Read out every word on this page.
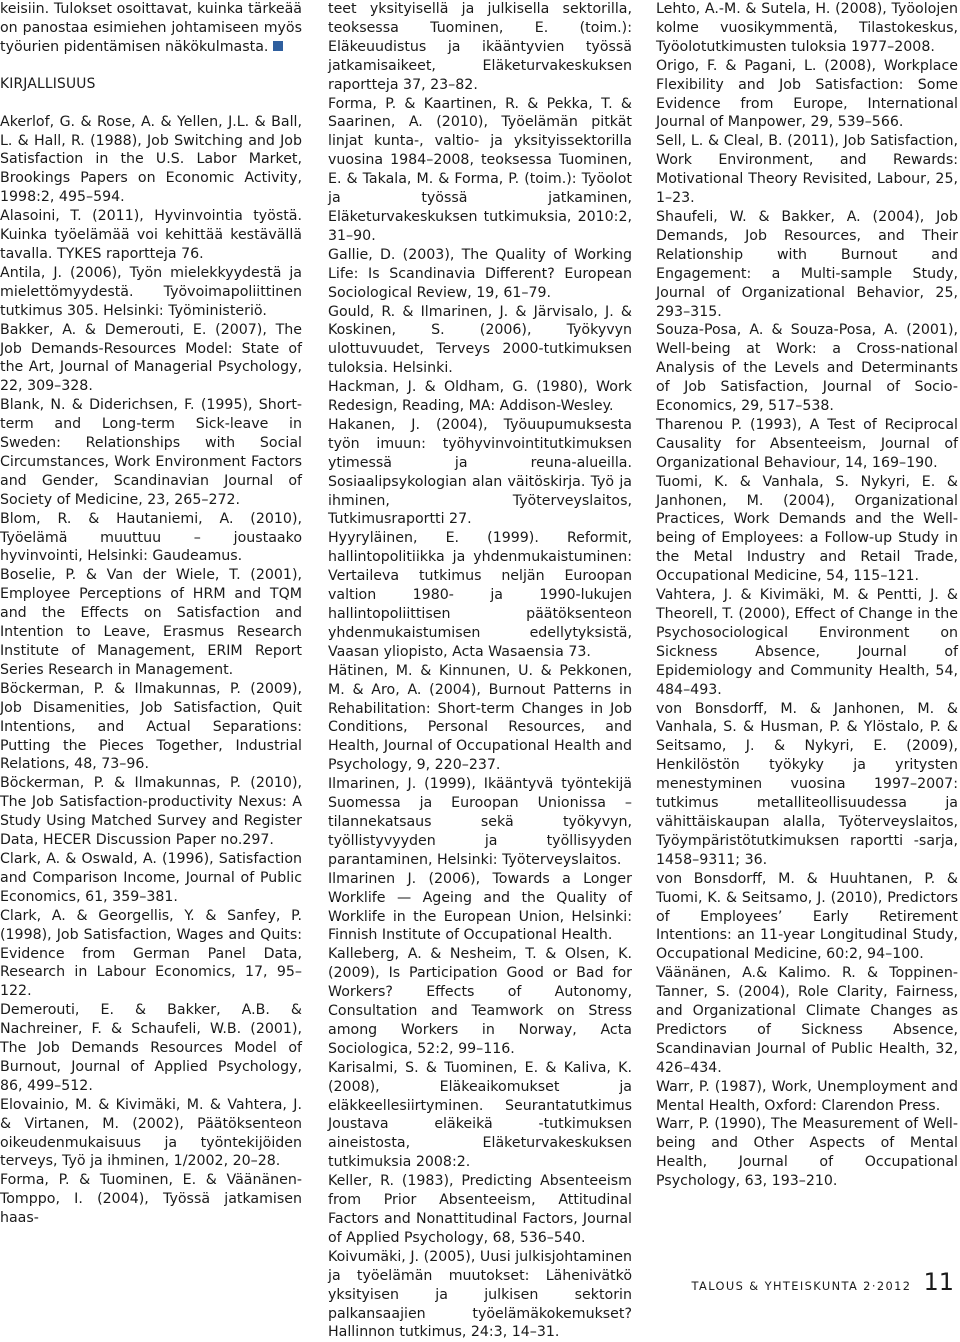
keisiin. Tulokset osoittavat, kuinka tärkeää on panostaa esimiehen johtamiseen myös työurien pidentämisen näkökulmasta.

KIRJALLISUUS

Akerlof, G. & Rose, A. & Yellen, J.L. & Ball, L. & Hall, R. (1988), Job Switching and Job Satisfaction in the U.S. Labor Market, Brookings Papers on Economic Activity, 1998:2, 495–594.

Alasoini, T. (2011), Hyvinvointia työstä. Kuinka työelämää voi kehittää kestävällä tavalla. TYKES raportteja 76.

Antila, J. (2006), Työn mielekkyydestä ja mielettömyydestä. Työvoimapoliittinen tutkimus 305. Helsinki: Työministeriö.

Bakker, A. & Demerouti, E. (2007), The Job Demands-Resources Model: State of the Art, Journal of Managerial Psychology, 22, 309–328.

Blank, N. & Diderichsen, F. (1995), Short-term and Long-term Sick-leave in Sweden: Relationships with Social Circumstances, Work Environment Factors and Gender, Scandinavian Journal of Society of Medicine, 23, 265–272.

Blom, R. & Hautaniemi, A. (2010), Työelämä muuttuu – joustaako hyvinvointi, Helsinki: Gaudeamus.

Boselie, P. & Van der Wiele, T. (2001), Employee Perceptions of HRM and TQM and the Effects on Satisfaction and Intention to Leave, Erasmus Research Institute of Management, ERIM Report Series Research in Management.

Böckerman, P. & Ilmakunnas, P. (2009), Job Disamenities, Job Satisfaction, Quit Intentions, and Actual Separations: Putting the Pieces Together, Industrial Relations, 48, 73–96.

Böckerman, P. & Ilmakunnas, P. (2010), The Job Satisfaction-productivity Nexus: A Study Using Matched Survey and Register Data, HECER Discussion Paper no.297.

Clark, A. & Oswald, A. (1996), Satisfaction and Comparison Income, Journal of Public Economics, 61, 359–381.

Clark, A. & Georgellis, Y. & Sanfey, P. (1998), Job Satisfaction, Wages and Quits: Evidence from German Panel Data, Research in Labour Economics, 17, 95–122.

Demerouti, E. & Bakker, A.B. & Nachreiner, F. & Schaufeli, W.B. (2001), The Job Demands Resources Model of Burnout, Journal of Applied Psychology, 86, 499–512.

Elovainio, M. & Kivimäki, M. & Vahtera, J. & Virtanen, M. (2002), Päätöksenteon oikeudenmukaisuus ja työntekijöiden terveys, Työ ja ihminen, 1/2002, 20–28.

Forma, P. & Tuominen, E. & Väänänen-Tomppo, I. (2004), Työssä jatkamisen haas-

teet yksityisellä ja julkisella sektorilla, teoksessa Tuominen, E. (toim.): Eläkeuudistus ja ikääntyvien työssä jatkamisaikeet, Eläketurvakeskuksen raportteja 37, 23–82.

Forma, P. & Kaartinen, R. & Pekka, T. & Saarinen, A. (2010), Työelämän pitkät linjat kunta-, valtio- ja yksityissektorilla vuosina 1984–2008, teoksessa Tuominen, E. & Takala, M. & Forma, P. (toim.): Työolot ja työssä jatkaminen, Eläketurvakeskuksen tutkimuksia, 2010:2, 31–90.

Gallie, D. (2003), The Quality of Working Life: Is Scandinavia Different? European Sociological Review, 19, 61–79.

Gould, R. & Ilmarinen, J. & Järvisalo, J. & Koskinen, S. (2006), Työkyvyn ulottuvuudet, Terveys 2000-tutkimuksen tuloksia. Helsinki.

Hackman, J. & Oldham, G. (1980), Work Redesign, Reading, MA: Addison-Wesley.

Hakanen, J. (2004), Työuupumuksesta työn imuun: työhyvinvointitutkimuksen ytimessä ja reuna-alueilla. Sosiaalipsykologian alan väitöskirja. Työ ja ihminen, Työterveyslaitos, Tutkimusraportti 27.

Hyyryläinen, E. (1999). Reformit, hallintopolitiikka ja yhdenmukaistuminen: Vertaileva tutkimus neljän Euroopan valtion 1980- ja 1990-lukujen hallintopoliittisen päätöksenteon yhdenmukaistumisen edellytyksistä, Vaasan yliopisto, Acta Wasaensia 73.

Hätinen, M. & Kinnunen, U. & Pekkonen, M. & Aro, A. (2004), Burnout Patterns in Rehabilitation: Short-term Changes in Job Conditions, Personal Resources, and Health, Journal of Occupational Health and Psychology, 9, 220–237.

Ilmarinen, J. (1999), Ikääntyvä työntekijä Suomessa ja Euroopan Unionissa – tilannekatsaus sekä työkyvyn, työllistyvyyden ja työllisyyden parantaminen, Helsinki: Työterveyslaitos.

Ilmarinen J. (2006), Towards a Longer Worklife — Ageing and the Quality of Worklife in the European Union, Helsinki: Finnish Institute of Occupational Health.

Kalleberg, A. & Nesheim, T. & Olsen, K. (2009), Is Participation Good or Bad for Workers? Effects of Autonomy, Consultation and Teamwork on Stress among Workers in Norway, Acta Sociologica, 52:2, 99–116.

Karisalmi, S. & Tuominen, E. & Kaliva, K. (2008), Eläkeaikomukset ja eläkkeellesiirtyminen. Seurantatutkimus Joustava eläkeikä -tutkimuksen aineistosta, Eläketurvakeskuksen tutkimuksia 2008:2.

Keller, R. (1983), Predicting Absenteeism from Prior Absenteeism, Attitudinal Factors and Nonattitudinal Factors, Journal of Applied Psychology, 68, 536–540.

Koivumäki, J. (2005), Uusi julkisjohtaminen ja työelämän muutokset: Lähenivätkö yksityisen ja julkisen sektorin palkansaajien työelämäkokemukset? Hallinnon tutkimus, 24:3, 14–31.

Lehto, A.-M. & Sutela, H. (2008), Työolojen kolme vuosikymmentä, Tilastokeskus, Työolotutkimusten tuloksia 1977–2008.

Origo, F. & Pagani, L. (2008), Workplace Flexibility and Job Satisfaction: Some Evidence from Europe, International Journal of Manpower, 29, 539–566.

Sell, L. & Cleal, B. (2011), Job Satisfaction, Work Environment, and Rewards: Motivational Theory Revisited, Labour, 25, 1–23.

Shaufeli, W. & Bakker, A. (2004), Job Demands, Job Resources, and Their Relationship with Burnout and Engagement: a Multi-sample Study, Journal of Organizational Behavior, 25, 293–315.

Souza-Posa, A. & Souza-Posa, A. (2001), Well-being at Work: a Cross-national Analysis of the Levels and Determinants of Job Satisfaction, Journal of Socio-Economics, 29, 517–538.

Tharenou P. (1993), A Test of Reciprocal Causality for Absenteeism, Journal of Organizational Behaviour, 14, 169–190.

Tuomi, K. & Vanhala, S. Nykyri, E. & Janhonen, M. (2004), Organizational Practices, Work Demands and the Well-being of Employees: a Follow-up Study in the Metal Industry and Retail Trade, Occupational Medicine, 54, 115–121.

Vahtera, J. & Kivimäki, M. & Pentti, J. & Theorell, T. (2000), Effect of Change in the Psychosociological Environment on Sickness Absence, Journal of Epidemiology and Community Health, 54, 484–493.

von Bonsdorff, M. & Janhonen, M. & Vanhala, S. & Husman, P. & Ylöstalo, P. & Seitsamo, J. & Nykyri, E. (2009), Henkilöstön työkyky ja yritysten menestyminen vuosina 1997–2007: tutkimus metalliteollisuudessa ja vähittäiskaupan alalla, Työterveyslaitos, Työympäristötutkimuksen raportti -sarja, 1458–9311; 36.

von Bonsdorff, M. & Huuhtanen, P. & Tuomi, K. & Seitsamo, J. (2010), Predictors of Employees’ Early Retirement Intentions: an 11-year Longitudinal Study, Occupational Medicine, 60:2, 94–100.

Väänänen, A.& Kalimo. R. & Toppinen-Tanner, S. (2004), Role Clarity, Fairness, and Organizational Climate Changes as Predictors of Sickness Absence, Scandinavian Journal of Public Health, 32, 426–434.

Warr, P. (1987), Work, Unemployment and Mental Health, Oxford: Clarendon Press.

Warr, P. (1990), The Measurement of Well-being and Other Aspects of Mental Health, Journal of Occupational Psychology, 63, 193–210.

TALOUS & YHTEISKUNTA 2·2012 11
